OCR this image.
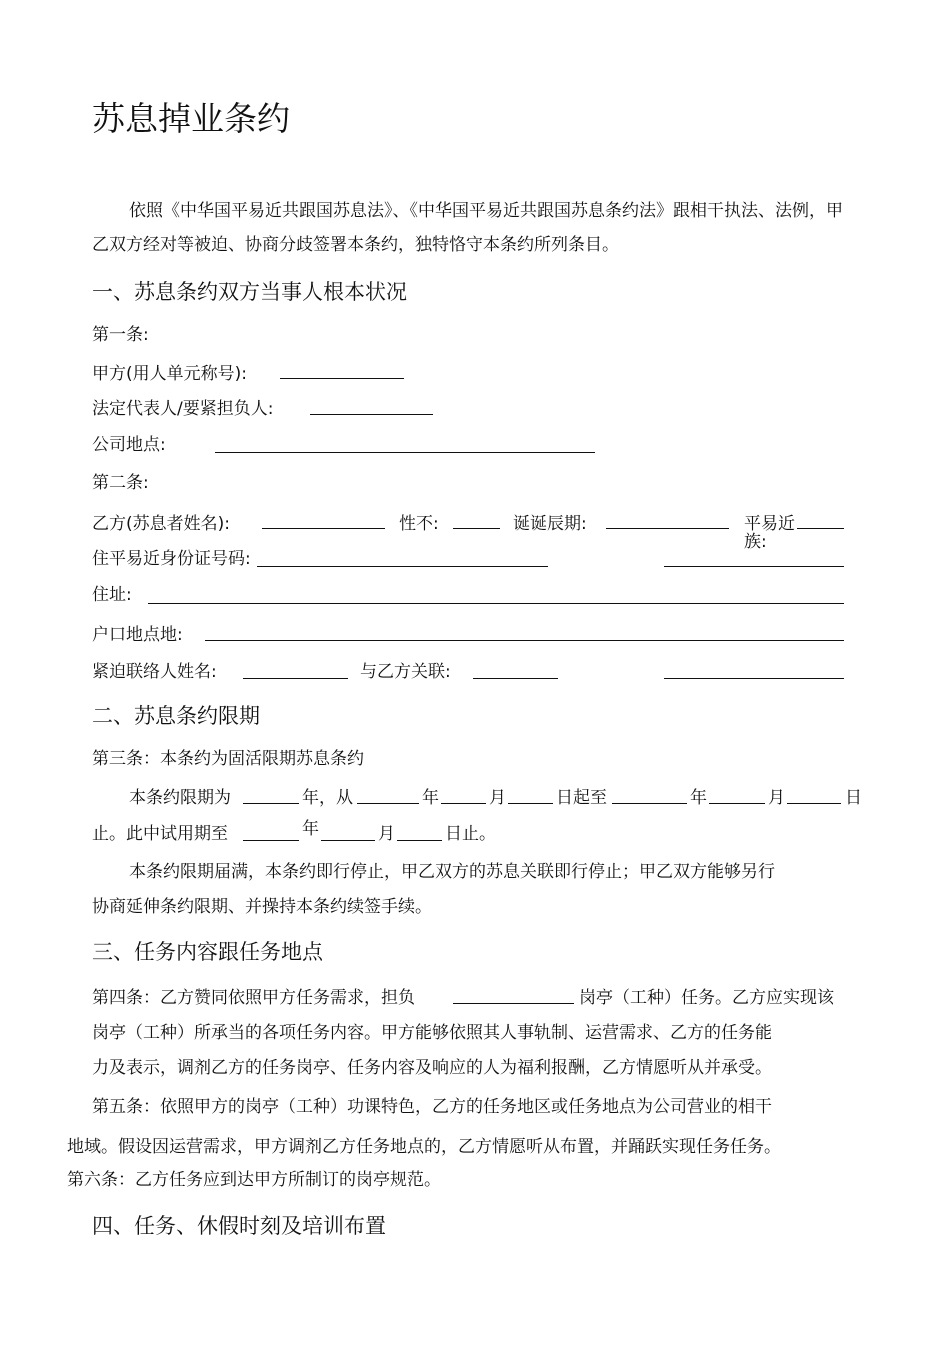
苏息掉业条约
依照《中华国平易近共跟国苏息法》、《中华国平易近共跟国苏息条约法》跟相干执法、法例，甲
乙双方经对等被迫、协商分歧签署本条约，独特恪守本条约所列条目。
一、苏息条约双方当事人根本状况
第一条:
甲方(用人单元称号):
法定代表人/要紧担负人:
公司地点:
第二条:
乙方(苏息者姓名):	性不:	诞诞辰期:	平易近
族:
住平易近身份证号码:
住址:
户口地点地:
紧迫联络人姓名:	与乙方关联:
二、苏息条约限期
第三条：本条约为固活限期苏息条约
本条约限期为	年，从	年	月	日起至	年	月	日
止。此中试用期至	年	月	日止。
本条约限期届满，本条约即行停止，甲乙双方的苏息关联即行停止；甲乙双方能够另行
协商延伸条约限期、并操持本条约续签手续。
三、任务内容跟任务地点
第四条：乙方赞同依照甲方任务需求，担负	岗亭（工种）任务。乙方应实现该
岗亭（工种）所承当的各项任务内容。甲方能够依照其人事轨制、运营需求、乙方的任务能
力及表示，调剂乙方的任务岗亭、任务内容及响应的人为福利报酬，乙方情愿听从并承受。
第五条：依照甲方的岗亭（工种）功课特色，乙方的任务地区或任务地点为公司营业的相干
地域。假设因运营需求，甲方调剂乙方任务地点的，乙方情愿听从布置，并踊跃实现任务任务。
第六条：乙方任务应到达甲方所制订的岗亭规范。
四、任务、休假时刻及培训布置
